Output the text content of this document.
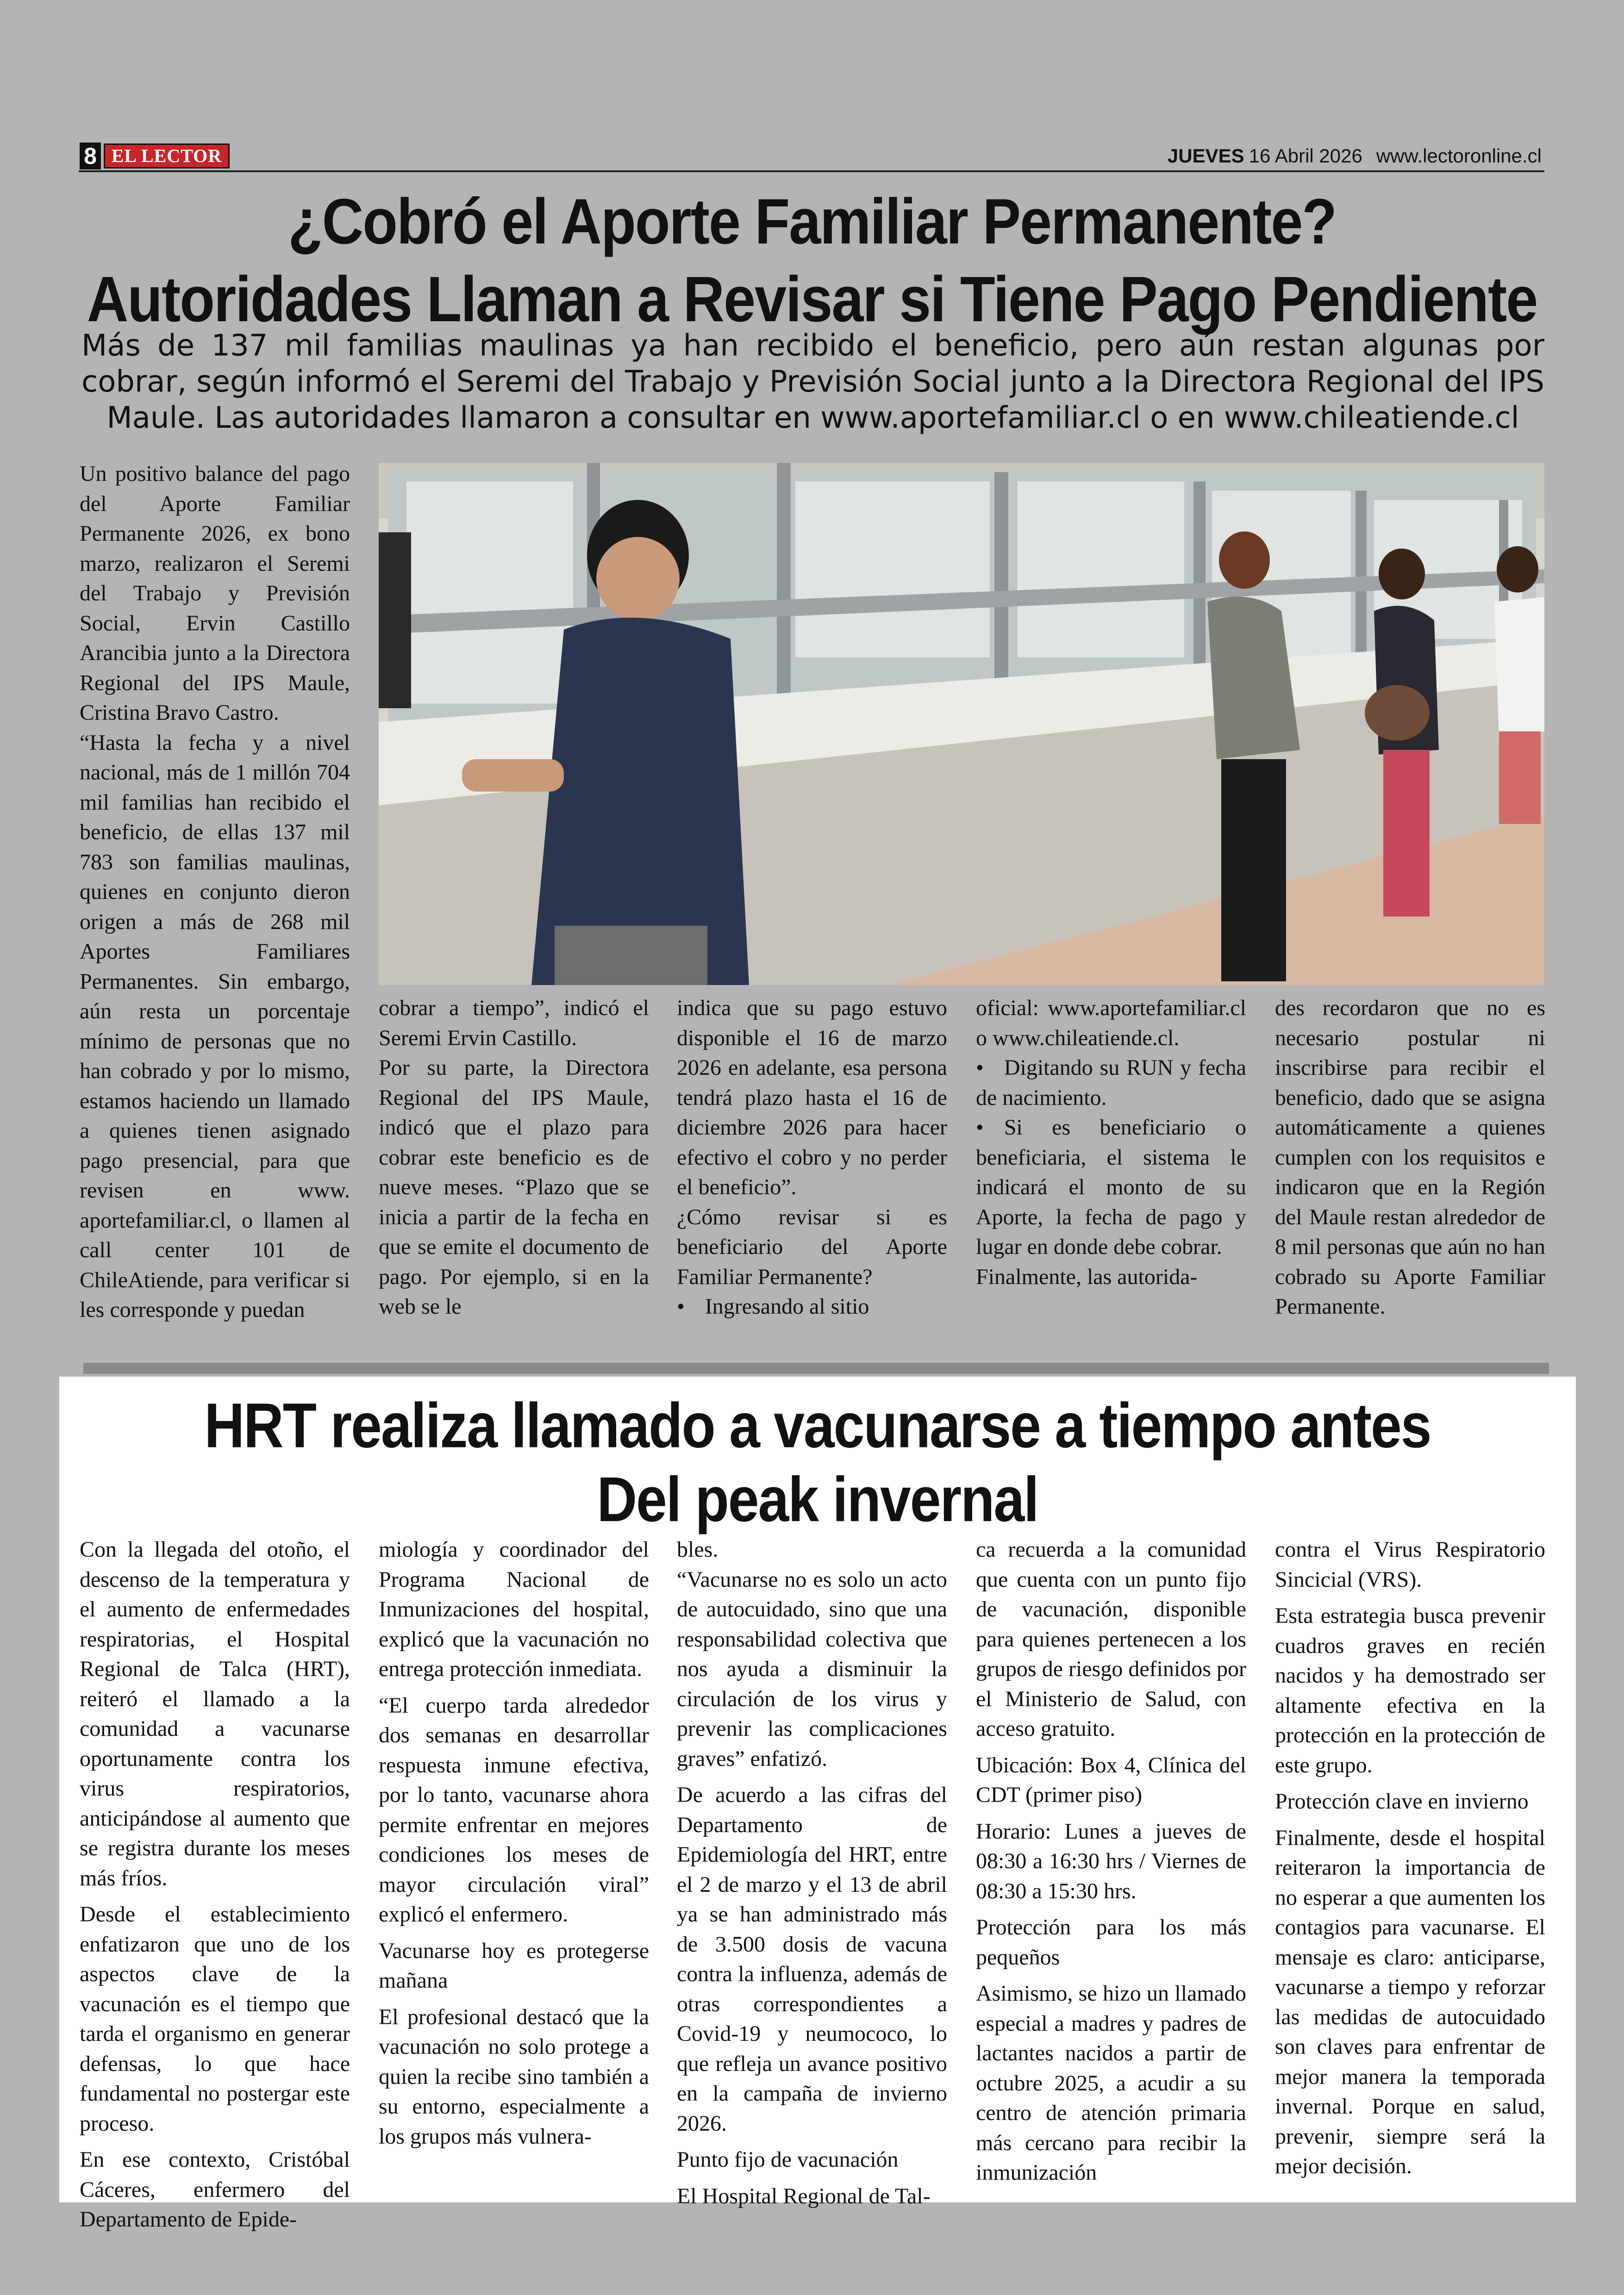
8 EL LECTOR	JUEVES 16 Abril 2026 www.lectoronline.cl
¿Cobró el Aporte Familiar Permanente?
Autoridades Llaman a Revisar si Tiene Pago Pendiente
Más de 137 mil familias maulinas ya han recibido el beneficio, pero aún restan algunas por cobrar, según informó el Seremi del Trabajo y Previsión Social junto a la Directora Regional del IPS Maule. Las autoridades llamaron a consultar en www.aportefamiliar.cl o en www.chileatiende.cl

Un positivo balance del pago del Aporte Familiar Permanente 2026, ex bono marzo, realizaron el Seremi del Trabajo y Previsión Social, Ervin Castillo Arancibia junto a la Directora Regional del IPS Maule, Cristina Bravo Castro.

“Hasta la fecha y a nivel nacional, más de 1 millón 704 mil familias han recibido el beneficio, de ellas 137 mil 783 son familias maulinas, quienes en conjunto dieron origen a más de 268 mil Aportes Familiares Permanentes. Sin embargo, aún resta un porcentaje mínimo de personas que no han cobrado y por lo mismo, estamos haciendo un llamado a quienes tienen asignado pago presencial, para que revisen en www. aportefamiliar.cl, o llamen al call center 101 de ChileAtiende, para verificar si les corresponde y puedan

cobrar a tiempo”, indicó el Seremi Ervin Castillo.

Por su parte, la Directora Regional del IPS Maule, indicó que el plazo para cobrar este beneficio es de nueve meses. “Plazo que se inicia a partir de la fecha en que se emite el documento de pago. Por ejemplo, si en la web se le

indica que su pago estuvo disponible el 16 de marzo 2026 en adelante, esa persona tendrá plazo hasta el 16 de diciembre 2026 para hacer efectivo el cobro y no perder el beneficio”.

¿Cómo revisar si es beneficiario del Aporte Familiar Permanente?

• Ingresando al sitio

oficial: www.aportefamiliar.cl o www.chileatiende.cl.

• Digitando su RUN y fecha de nacimiento.

• Si es beneficiario o beneficiaria, el sistema le indicará el monto de su Aporte, la fecha de pago y lugar en donde debe cobrar.

Finalmente, las autorida-

des recordaron que no es necesario postular ni inscribirse para recibir el beneficio, dado que se asigna automáticamente a quienes cumplen con los requisitos e indicaron que en la Región del Maule restan alrededor de 8 mil personas que aún no han cobrado su Aporte Familiar Permanente.

HRT realiza llamado a vacunarse a tiempo antes
Del peak invernal

Con la llegada del otoño, el descenso de la temperatura y el aumento de enfermedades respiratorias, el Hospital Regional de Talca (HRT), reiteró el llamado a la comunidad a vacunarse oportunamente contra los virus respiratorios, anticipándose al aumento que se registra durante los meses más fríos.

Desde el establecimiento enfatizaron que uno de los aspectos clave de la vacunación es el tiempo que tarda el organismo en generar defensas, lo que hace fundamental no postergar este proceso.

En ese contexto, Cristóbal Cáceres, enfermero del Departamento de Epide-

miología y coordinador del Programa Nacional de Inmunizaciones del hospital, explicó que la vacunación no entrega protección inmediata.

“El cuerpo tarda alrededor dos semanas en desarrollar respuesta inmune efectiva, por lo tanto, vacunarse ahora permite enfrentar en mejores condiciones los meses de mayor circulación viral” explicó el enfermero.

Vacunarse hoy es protegerse mañana

El profesional destacó que la vacunación no solo protege a quien la recibe sino también a su entorno, especialmente a los grupos más vulnera-

bles.

“Vacunarse no es solo un acto de autocuidado, sino que una responsabilidad colectiva que nos ayuda a disminuir la circulación de los virus y prevenir las complicaciones graves” enfatizó.

De acuerdo a las cifras del Departamento de Epidemiología del HRT, entre el 2 de marzo y el 13 de abril ya se han administrado más de 3.500 dosis de vacuna contra la influenza, además de otras correspondientes a Covid-19 y neumococo, lo que refleja un avance positivo en la campaña de invierno 2026.

Punto fijo de vacunación

El Hospital Regional de Tal-

ca recuerda a la comunidad que cuenta con un punto fijo de vacunación, disponible para quienes pertenecen a los grupos de riesgo definidos por el Ministerio de Salud, con acceso gratuito.

Ubicación: Box 4, Clínica del CDT (primer piso)

Horario: Lunes a jueves de 08:30 a 16:30 hrs / Viernes de 08:30 a 15:30 hrs.

Protección para los más pequeños

Asimismo, se hizo un llamado especial a madres y padres de lactantes nacidos a partir de octubre 2025, a acudir a su centro de atención primaria más cercano para recibir la inmunización

contra el Virus Respiratorio Sincicial (VRS).

Esta estrategia busca prevenir cuadros graves en recién nacidos y ha demostrado ser altamente efectiva en la protección en la protección de este grupo.

Protección clave en invierno

Finalmente, desde el hospital reiteraron la importancia de no esperar a que aumenten los contagios para vacunarse. El mensaje es claro: anticiparse, vacunarse a tiempo y reforzar las medidas de autocuidado son claves para enfrentar de mejor manera la temporada invernal. Porque en salud, prevenir, siempre será la mejor decisión.
